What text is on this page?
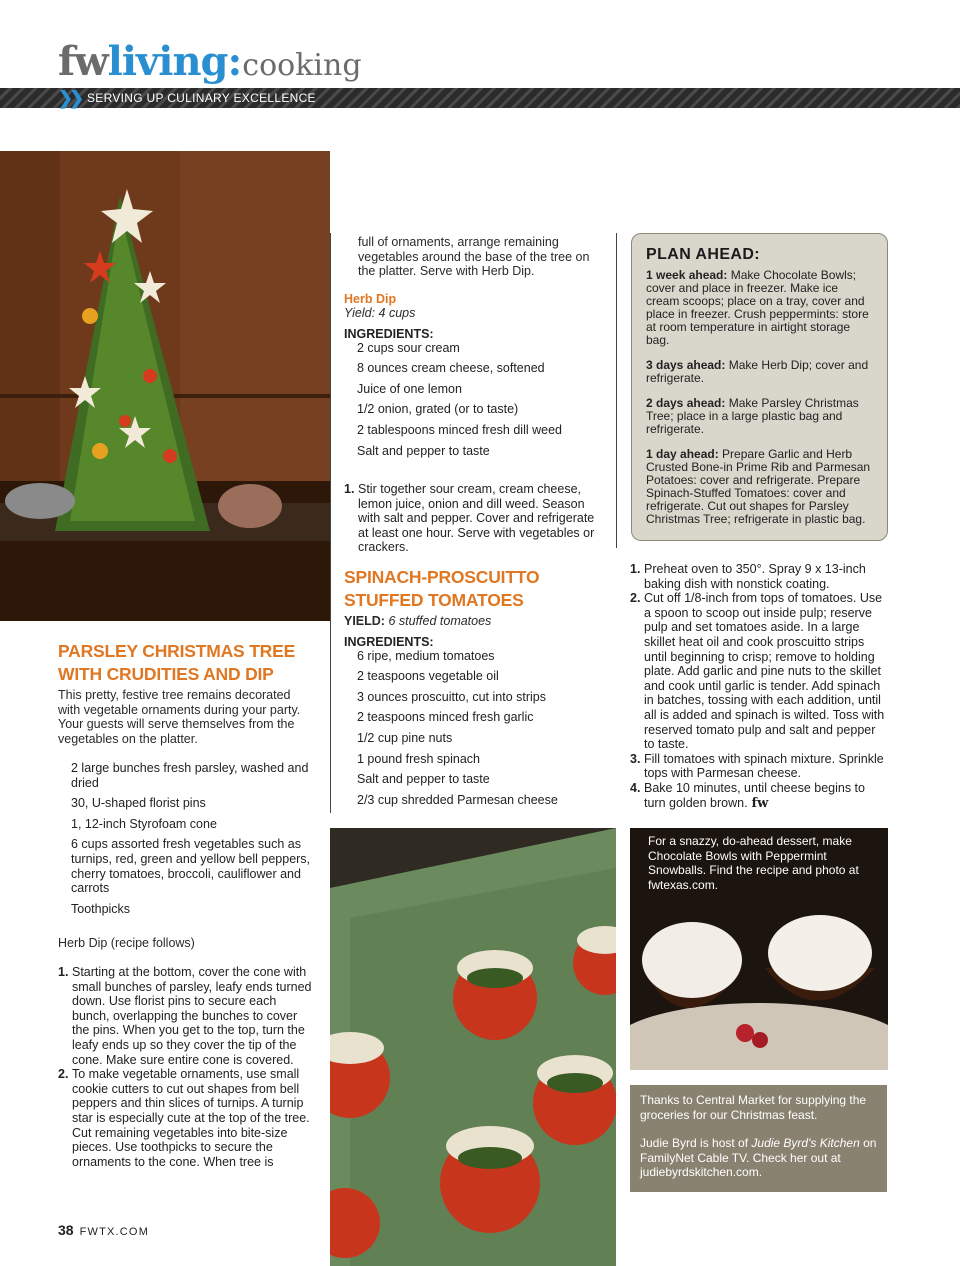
fwliving:cooking
❯❯ SERVING UP CULINARY EXCELLENCE
PARSLEY CHRISTMAS TREE
WITH CRUDITIES AND DIP
This pretty, festive tree remains decorated with vegetable ornaments during your party. Your guests will serve themselves from the vegetables on the platter.
2 large bunches fresh parsley, washed and dried
30, U-shaped florist pins
1, 12-inch Styrofoam cone
6 cups assorted fresh vegetables such as turnips, red, green and yellow bell peppers, cherry tomatoes, broccoli, cauliflower and carrots
Toothpicks
Herb Dip (recipe follows)
1. Starting at the bottom, cover the cone with small bunches of parsley, leafy ends turned down. Use florist pins to secure each bunch, overlapping the bunches to cover the pins. When you get to the top, turn the leafy ends up so they cover the tip of the cone. Make sure entire cone is covered.
2. To make vegetable ornaments, use small cookie cutters to cut out shapes from bell peppers and thin slices of turnips. A turnip star is especially cute at the top of the tree. Cut remaining vegetables into bite-size pieces. Use toothpicks to secure the ornaments to the cone. When tree is
38 FWTX.COM
full of ornaments, arrange remaining vegetables around the base of the tree on the platter. Serve with Herb Dip.
Herb Dip
Yield: 4 cups
INGREDIENTS:
2 cups sour cream
8 ounces cream cheese, softened
Juice of one lemon
1/2 onion, grated (or to taste)
2 tablespoons minced fresh dill weed
Salt and pepper to taste
1. Stir together sour cream, cream cheese, lemon juice, onion and dill weed. Season with salt and pepper. Cover and refrigerate at least one hour. Serve with vegetables or crackers.
SPINACH-PROSCUITTO
STUFFED TOMATOES
YIELD: 6 stuffed tomatoes
INGREDIENTS:
6 ripe, medium tomatoes
2 teaspoons vegetable oil
3 ounces proscuitto, cut into strips
2 teaspoons minced fresh garlic
1/2 cup pine nuts
1 pound fresh spinach
Salt and pepper to taste
2/3 cup shredded Parmesan cheese
PLAN AHEAD:

1 week ahead: Make Chocolate Bowls; cover and place in freezer. Make ice cream scoops; place on a tray, cover and place in freezer. Crush peppermints: store at room temperature in airtight storage bag.

3 days ahead: Make Herb Dip; cover and refrigerate.

2 days ahead: Make Parsley Christmas Tree; place in a large plastic bag and refrigerate.

1 day ahead: Prepare Garlic and Herb Crusted Bone-in Prime Rib and Parmesan Potatoes: cover and refrigerate. Prepare Spinach-Stuffed Tomatoes: cover and refrigerate. Cut out shapes for Parsley Christmas Tree; refrigerate in plastic bag.

1. Preheat oven to 350°. Spray 9 x 13-inch baking dish with nonstick coating.
2. Cut off 1/8-inch from tops of tomatoes. Use a spoon to scoop out inside pulp; reserve pulp and set tomatoes aside. In a large skillet heat oil and cook proscuitto strips until beginning to crisp; remove to holding plate. Add garlic and pine nuts to the skillet and cook until garlic is tender. Add spinach in batches, tossing with each addition, until all is added and spinach is wilted. Toss with reserved tomato pulp and salt and pepper to taste.
3. Fill tomatoes with spinach mixture. Sprinkle tops with Parmesan cheese.
4. Bake 10 minutes, until cheese begins to turn golden brown. fw
For a snazzy, do-ahead dessert, make Chocolate Bowls with Peppermint Snowballs. Find the recipe and photo at fwtexas.com.

Thanks to Central Market for supplying the groceries for our Christmas feast.

Judie Byrd is host of Judie Byrd's Kitchen on FamilyNet Cable TV. Check her out at judiebyrdskitchen.com.
